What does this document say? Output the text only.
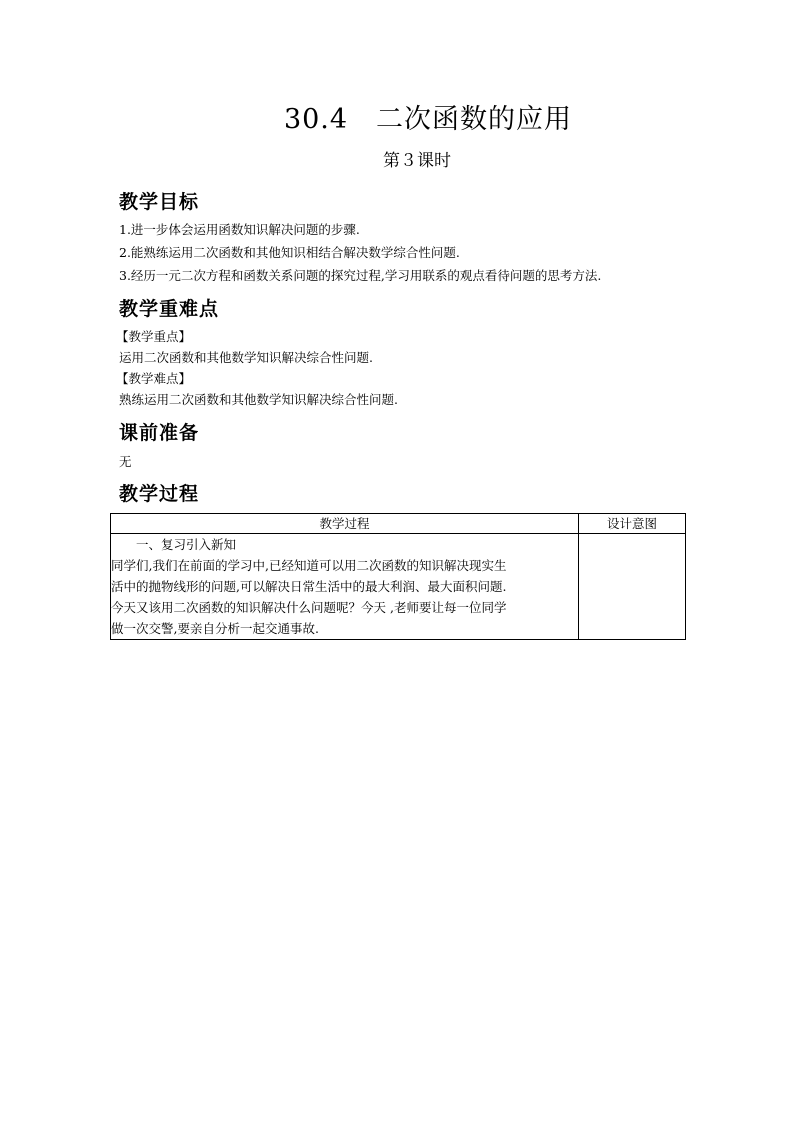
30.4　二次函数的应用
第３课时
教学目标
1.进一步体会运用函数知识解决问题的步骤.
2.能熟练运用二次函数和其他知识相结合解决数学综合性问题.
3.经历一元二次方程和函数关系问题的探究过程,学习用联系的观点看待问题的思考方法.
教学重难点
【教学重点】
运用二次函数和其他数学知识解决综合性问题.
【教学难点】
熟练运用二次函数和其他数学知识解决综合性问题.
课前准备
无
教学过程
教学过程	设计意图

一、复习引入新知
同学们,我们在前面的学习中,已经知道可以用二次函数的知识解决现实生
活中的抛物线形的问题,可以解决日常生活中的最大利润、最大面积问题.
今天又该用二次函数的知识解决什么问题呢？今天 ,老师要让每一位同学
做一次交警,要亲自分析一起交通事故.	
